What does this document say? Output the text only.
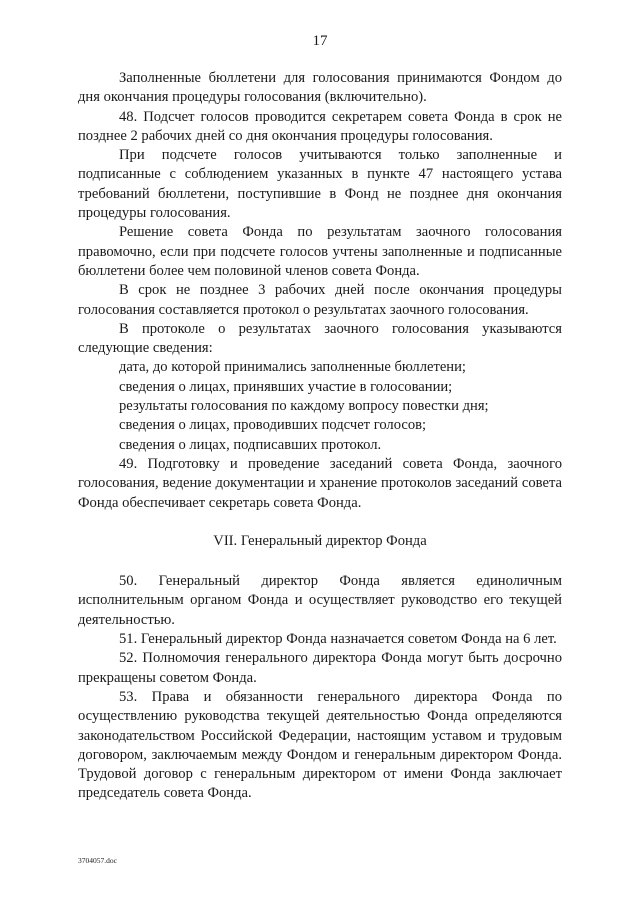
17

Заполненные бюллетени для голосования принимаются Фондом до дня окончания процедуры голосования (включительно).

48. Подсчет голосов проводится секретарем совета Фонда в срок не позднее 2 рабочих дней со дня окончания процедуры голосования.

При подсчете голосов учитываются только заполненные и подписанные с соблюдением указанных в пункте 47 настоящего устава требований бюллетени, поступившие в Фонд не позднее дня окончания процедуры голосования.

Решение совета Фонда по результатам заочного голосования правомочно, если при подсчете голосов учтены заполненные и подписанные бюллетени более чем половиной членов совета Фонда.

В срок не позднее 3 рабочих дней после окончания процедуры голосования составляется протокол о результатах заочного голосования.

В протоколе о результатах заочного голосования указываются следующие сведения:

дата, до которой принимались заполненные бюллетени;

сведения о лицах, принявших участие в голосовании;

результаты голосования по каждому вопросу повестки дня;

сведения о лицах, проводивших подсчет голосов;

сведения о лицах, подписавших протокол.

49. Подготовку и проведение заседаний совета Фонда, заочного голосования, ведение документации и хранение протоколов заседаний совета Фонда обеспечивает секретарь совета Фонда.

VII. Генеральный директор Фонда

50. Генеральный директор Фонда является единоличным исполнительным органом Фонда и осуществляет руководство его текущей деятельностью.

51. Генеральный директор Фонда назначается советом Фонда на 6 лет.

52. Полномочия генерального директора Фонда могут быть досрочно прекращены советом Фонда.

53. Права и обязанности генерального директора Фонда по осуществлению руководства текущей деятельностью Фонда определяются законодательством Российской Федерации, настоящим уставом и трудовым договором, заключаемым между Фондом и генеральным директором Фонда. Трудовой договор с генеральным директором от имени Фонда заключает председатель совета Фонда.

3704057.doc
